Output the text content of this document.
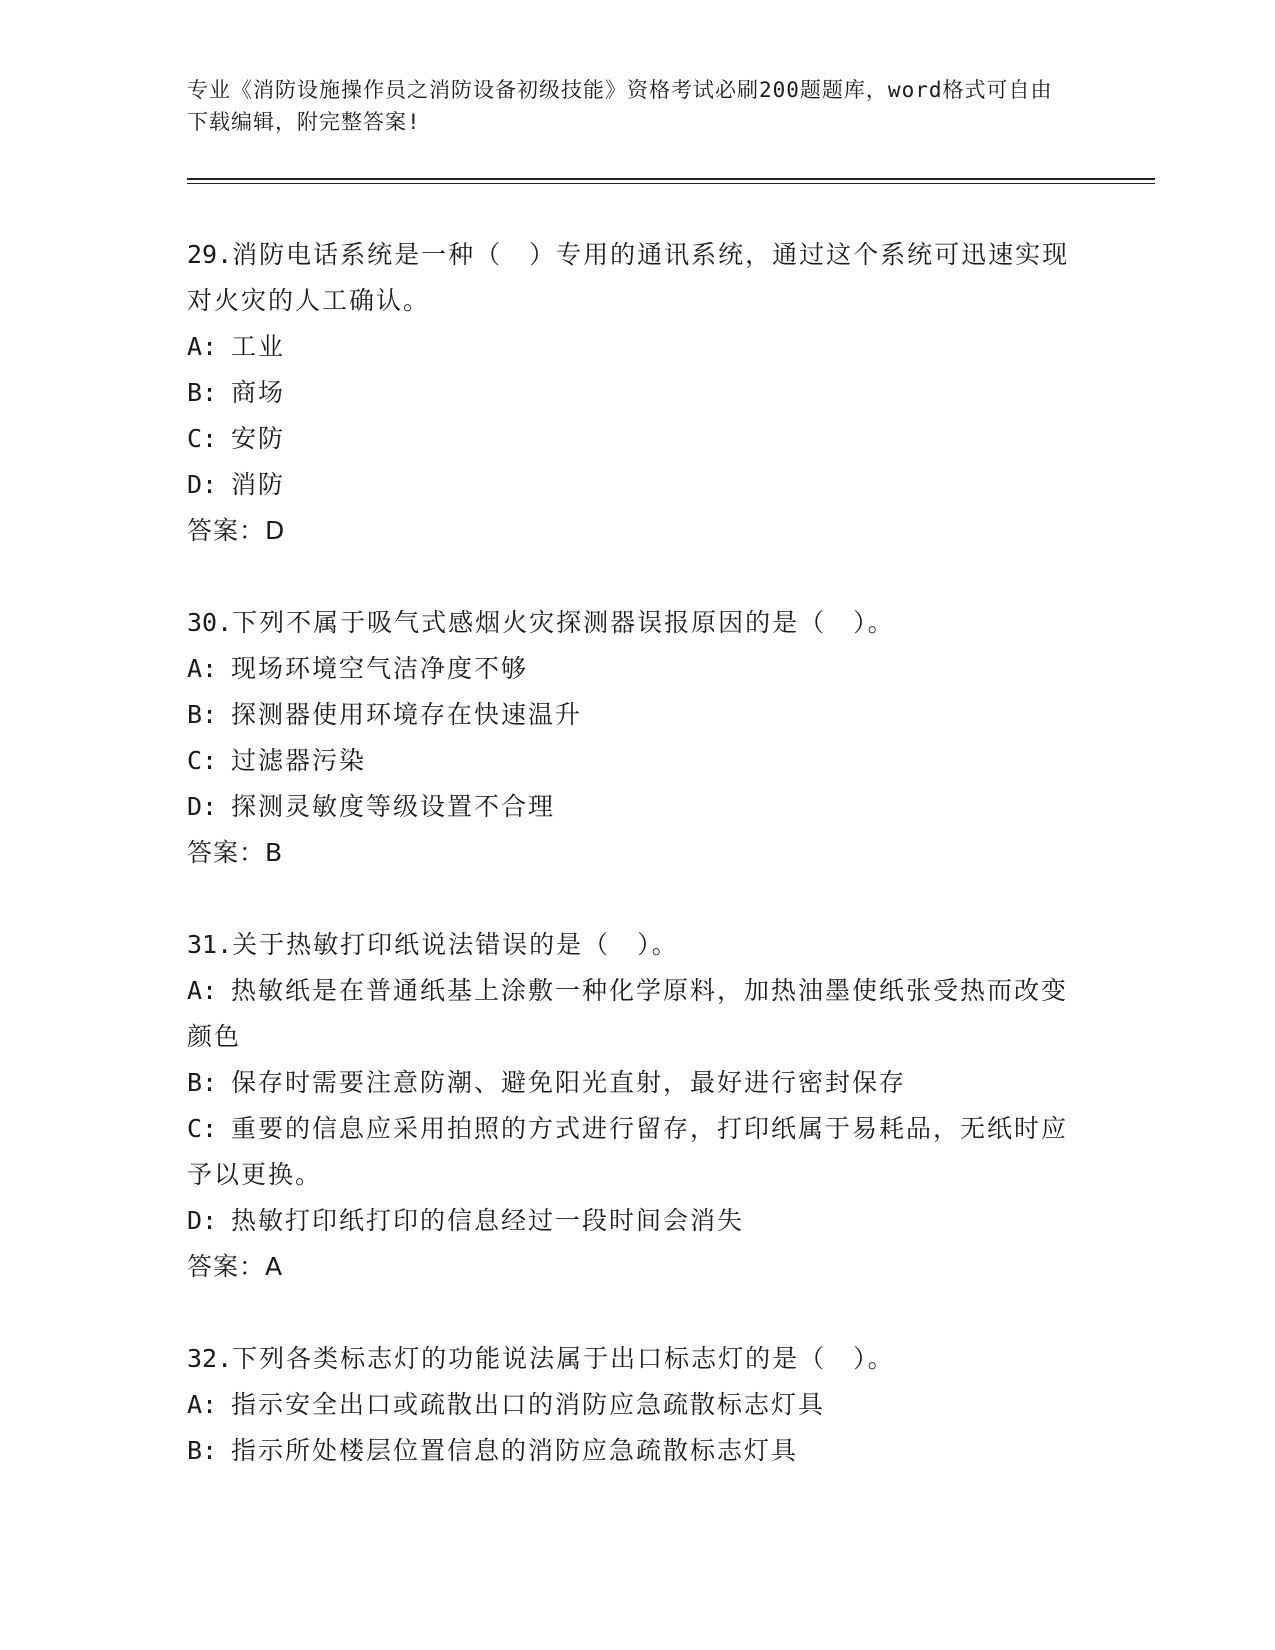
专业《消防设施操作员之消防设备初级技能》资格考试必刷200题题库，word格式可自由下载编辑，附完整答案!

29.消防电话系统是一种（　）专用的通讯系统，通过这个系统可迅速实现对火灾的人工确认。

A: 工业

B: 商场

C: 安防

D: 消防

答案：D

30.下列不属于吸气式感烟火灾探测器误报原因的是（　）。

A: 现场环境空气洁净度不够

B: 探测器使用环境存在快速温升

C: 过滤器污染

D: 探测灵敏度等级设置不合理

答案：B

31.关于热敏打印纸说法错误的是（　）。

A: 热敏纸是在普通纸基上涂敷一种化学原料，加热油墨使纸张受热而改变颜色

B: 保存时需要注意防潮、避免阳光直射，最好进行密封保存

C: 重要的信息应采用拍照的方式进行留存，打印纸属于易耗品，无纸时应予以更换。

D: 热敏打印纸打印的信息经过一段时间会消失

答案：A

32.下列各类标志灯的功能说法属于出口标志灯的是（　）。

A: 指示安全出口或疏散出口的消防应急疏散标志灯具

B: 指示所处楼层位置信息的消防应急疏散标志灯具
